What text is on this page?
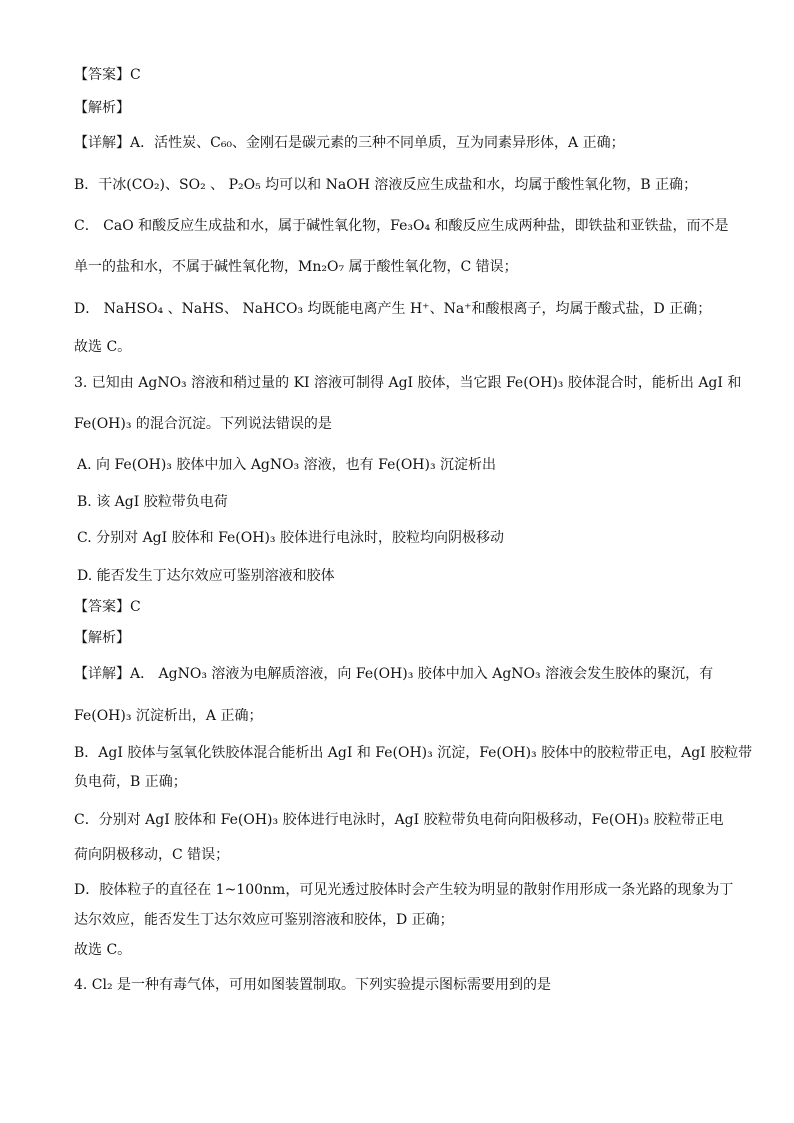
【答案】C
【解析】
【详解】A．活性炭、C₆₀、金刚石是碳元素的三种不同单质，互为同素异形体，A 正确；
B．干冰(CO₂)、SO₂ 、 P₂O₅ 均可以和 NaOH 溶液反应生成盐和水，均属于酸性氧化物，B 正确；
C． CaO 和酸反应生成盐和水，属于碱性氧化物，Fe₃O₄ 和酸反应生成两种盐，即铁盐和亚铁盐，而不是
单一的盐和水，不属于碱性氧化物，Mn₂O₇ 属于酸性氧化物，C 错误；
D． NaHSO₄ 、NaHS、 NaHCO₃ 均既能电离产生 H⁺、Na⁺和酸根离子，均属于酸式盐，D 正确；
故选 C。
3. 已知由 AgNO₃ 溶液和稍过量的 KI 溶液可制得 AgI 胶体，当它跟 Fe(OH)₃ 胶体混合时，能析出 AgI 和
Fe(OH)₃ 的混合沉淀。下列说法错误的是
A. 向 Fe(OH)₃ 胶体中加入 AgNO₃ 溶液，也有 Fe(OH)₃ 沉淀析出
B. 该 AgI 胶粒带负电荷
C. 分别对 AgI 胶体和 Fe(OH)₃ 胶体进行电泳时，胶粒均向阴极移动
D. 能否发生丁达尔效应可鉴别溶液和胶体
【答案】C
【解析】
【详解】A． AgNO₃ 溶液为电解质溶液，向 Fe(OH)₃ 胶体中加入 AgNO₃ 溶液会发生胶体的聚沉，有
Fe(OH)₃ 沉淀析出，A 正确；
B．AgI 胶体与氢氧化铁胶体混合能析出 AgI 和 Fe(OH)₃ 沉淀，Fe(OH)₃ 胶体中的胶粒带正电，AgI 胶粒带
负电荷，B 正确；
C．分别对 AgI 胶体和 Fe(OH)₃ 胶体进行电泳时，AgI 胶粒带负电荷向阳极移动，Fe(OH)₃ 胶粒带正电
荷向阴极移动，C 错误；
D．胶体粒子的直径在 1~100nm，可见光透过胶体时会产生较为明显的散射作用形成一条光路的现象为丁
达尔效应，能否发生丁达尔效应可鉴别溶液和胶体，D 正确；
故选 C。
4. Cl₂ 是一种有毒气体，可用如图装置制取。下列实验提示图标需要用到的是
